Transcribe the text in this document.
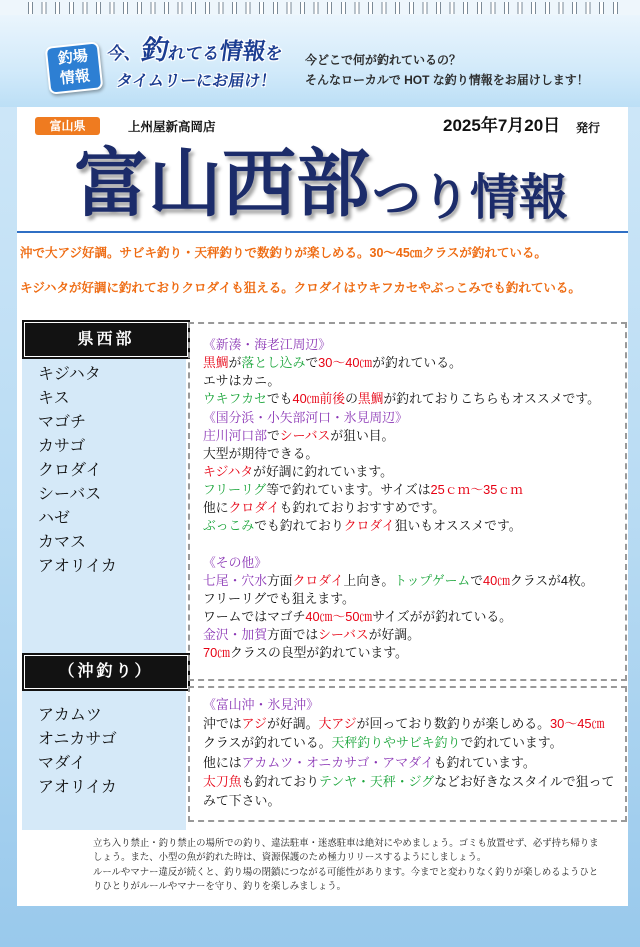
釣場
情報
今、釣れてる情報を
タイムリーにお届け！
今どこで何が釣れているの？
そんなローカルで HOT な釣り情報をお届けします！
富山県	上州屋新高岡店	2025年7月20日 発行
富山西部 つり情報
沖で大アジ好調。サビキ釣り・天秤釣りで数釣りが楽しめる。30～45㎝クラスが釣れている。
キジハタが好調に釣れておりクロダイも狙える。クロダイはウキフカセやぶっこみでも釣れている。
県西部
キジハタ
キス
マゴチ
カサゴ
クロダイ
シーバス
ハゼ
カマス
アオリイカ
（沖釣り）
アカムツ
オニカサゴ
マダイ
アオリイカ
《新湊・海老江周辺》
黒鯛が落とし込みで30～40㎝が釣れている。
エサはカニ。
ウキフカセでも40㎝前後の黒鯛が釣れておりこちらもオススメです。
《国分浜・小矢部河口・氷見周辺》
庄川河口部でシーバスが狙い目。
大型が期待できる。
キジハタが好調に釣れています。
フリーリグ等で釣れています。サイズは25ｃｍ～35ｃｍ
他にクロダイも釣れておりおすすめです。
ぶっこみでも釣れておりクロダイ狙いもオススメです。
《その他》
七尾・穴水方面クロダイ上向き。トップゲームで40㎝クラスが4枚。
フリーリグでも狙えます。
ワームではマゴチ40㎝～50㎝サイズがが釣れている。
金沢・加賀方面ではシーバスが好調。
70㎝クラスの良型が釣れています。
《富山沖・氷見沖》
沖ではアジが好調。大アジが回っており数釣りが楽しめる。30～45㎝
クラスが釣れている。天秤釣りやサビキ釣りで釣れています。
他にはアカムツ・オニカサゴ・アマダイも釣れています。
太刀魚も釣れておりテンヤ・天秤・ジグなどお好きなスタイルで狙って
みて下さい。
立ち入り禁止・釣り禁止の場所での釣り、違法駐車・迷惑駐車は絶対にやめましょう。ゴミも放置せず、必ず持ち帰りま
しょう。また、小型の魚が釣れた時は、資源保護のため極力リリースするようにしましょう。
ルールやマナー違反が続くと、釣り場の閉鎖につながる可能性があります。今までと変わりなく釣りが楽しめるようひと
りひとりがルールやマナーを守り、釣りを楽しみましょう。
